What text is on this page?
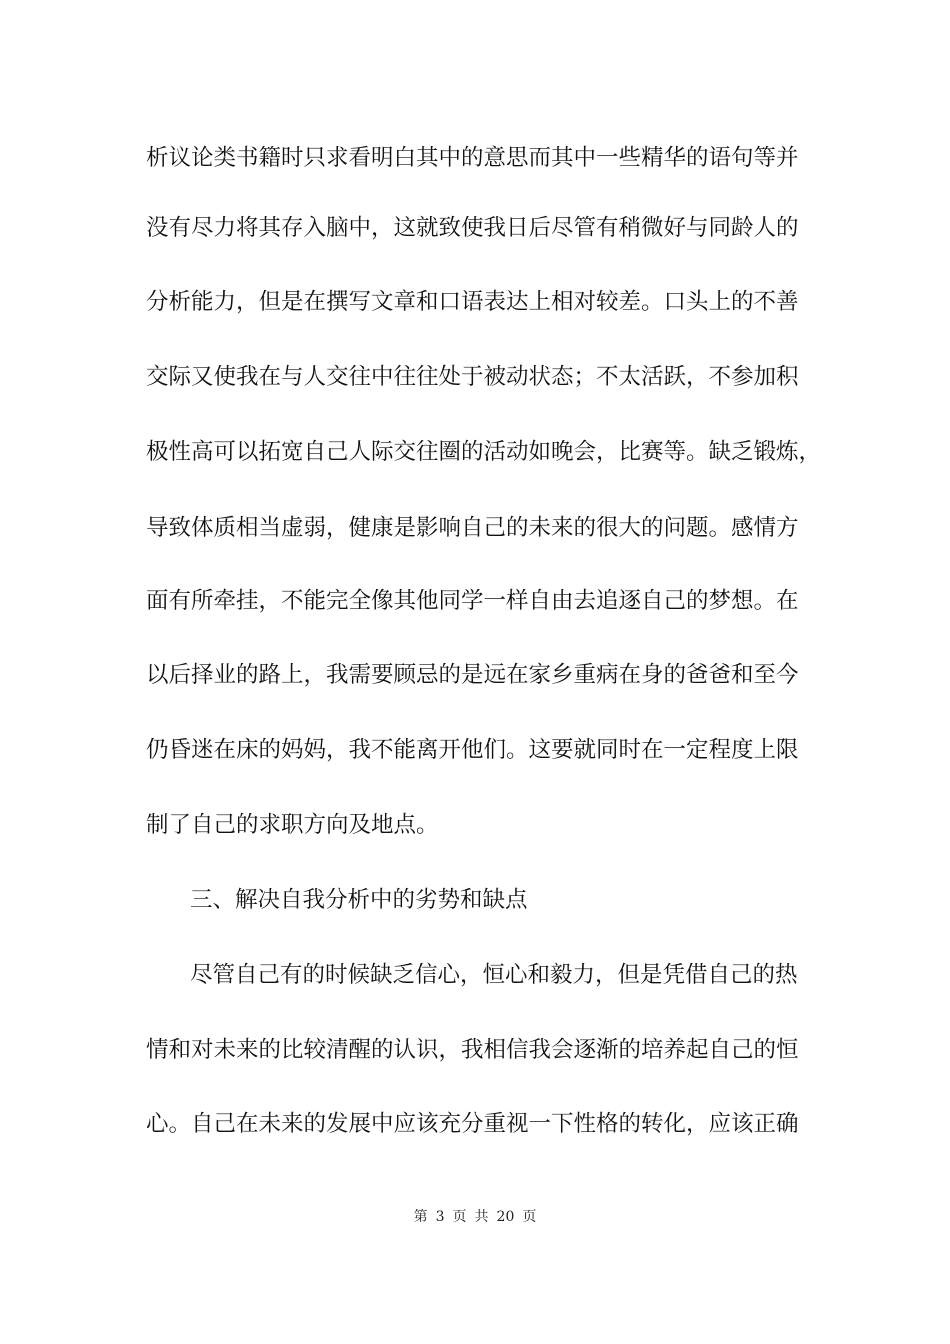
析议论类书籍时只求看明白其中的意思而其中一些精华的语句等并
没有尽力将其存入脑中，这就致使我日后尽管有稍微好与同龄人的
分析能力，但是在撰写文章和口语表达上相对较差。口头上的不善
交际又使我在与人交往中往往处于被动状态；不太活跃，不参加积
极性高可以拓宽自己人际交往圈的活动如晚会，比赛等。缺乏锻炼，
导致体质相当虚弱，健康是影响自己的未来的很大的问题。感情方
面有所牵挂，不能完全像其他同学一样自由去追逐自己的梦想。在
以后择业的路上，我需要顾忌的是远在家乡重病在身的爸爸和至今
仍昏迷在床的妈妈，我不能离开他们。这要就同时在一定程度上限
制了自己的求职方向及地点。
三、解决自我分析中的劣势和缺点
尽管自己有的时候缺乏信心，恒心和毅力，但是凭借自己的热
情和对未来的比较清醒的认识，我相信我会逐渐的培养起自己的恒
心。自己在未来的发展中应该充分重视一下性格的转化，应该正确
第 3 页 共 20 页
